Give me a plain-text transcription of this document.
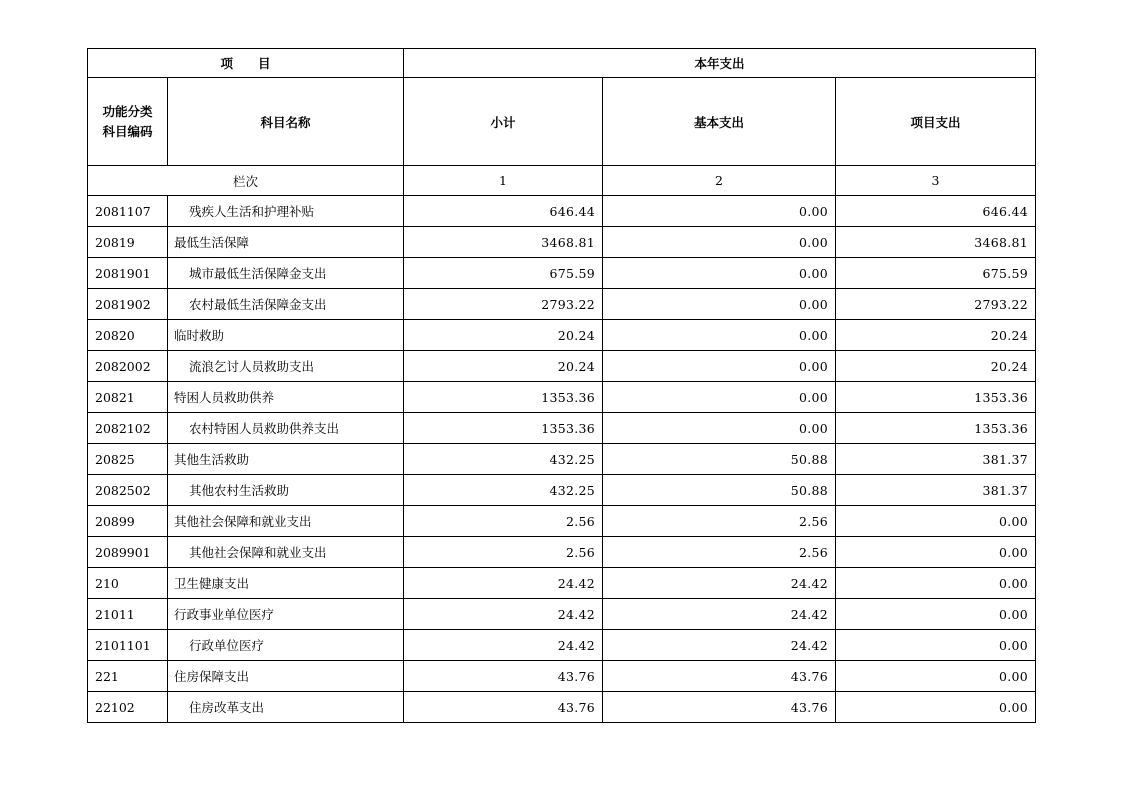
项　　目		本年支出		

功能分类
科目编码	科目名称	小计	基本支出	项目支出
栏次		1	2	3
2081107	残疾人生活和护理补贴	646.44	0.00	646.44
20819	最低生活保障	3468.81	0.00	3468.81
2081901	城市最低生活保障金支出	675.59	0.00	675.59
2081902	农村最低生活保障金支出	2793.22	0.00	2793.22
20820	临时救助	20.24	0.00	20.24
2082002	流浪乞讨人员救助支出	20.24	0.00	20.24
20821	特困人员救助供养	1353.36	0.00	1353.36
2082102	农村特困人员救助供养支出	1353.36	0.00	1353.36
20825	其他生活救助	432.25	50.88	381.37
2082502	其他农村生活救助	432.25	50.88	381.37
20899	其他社会保障和就业支出	2.56	2.56	0.00
2089901	其他社会保障和就业支出	2.56	2.56	0.00
210	卫生健康支出	24.42	24.42	0.00
21011	行政事业单位医疗	24.42	24.42	0.00
2101101	行政单位医疗	24.42	24.42	0.00
221	住房保障支出	43.76	43.76	0.00
22102	住房改革支出	43.76	43.76	0.00
